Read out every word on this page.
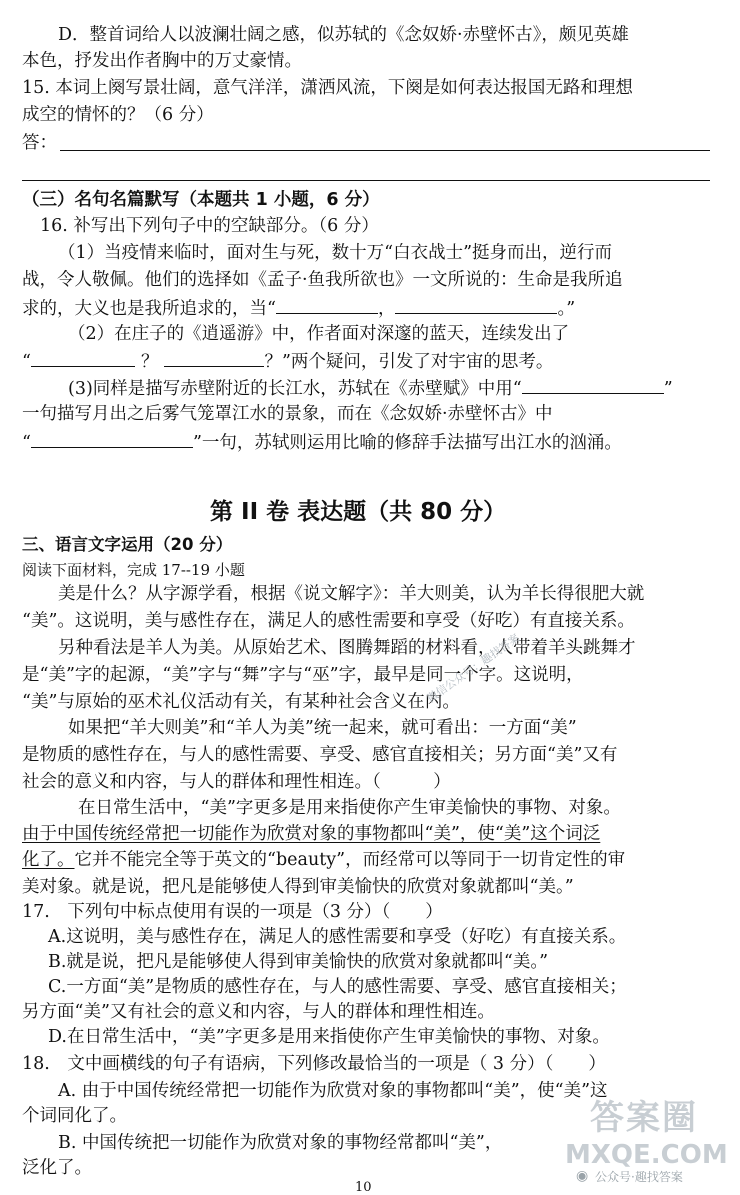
D．整首词给人以波澜壮阔之感，似苏轼的《念奴娇·赤壁怀古》，颇见英雄
本色，抒发出作者胸中的万丈豪情。
15. 本词上阕写景壮阔，意气洋洋，潇洒风流，下阕是如何表达报国无路和理想
成空的情怀的？（6 分）
答：
（三）名句名篇默写（本题共 1 小题，6 分）
16. 补写出下列句子中的空缺部分。（6 分）
（1）当疫情来临时，面对生与死，数十万“白衣战士”挺身而出，逆行而
战，令人敬佩。他们的选择如《孟子·鱼我所欲也》一文所说的：生命是我所追
求的，大义也是我所追求的，当“	，	。”
（2）在庄子的《逍遥游》中，作者面对深邃的蓝天，连续发出了
“	？	？”两个疑问，引发了对宇宙的思考。
(3)同样是描写赤壁附近的长江水，苏轼在《赤壁赋》中用“	”
一句描写月出之后雾气笼罩江水的景象，而在《念奴娇·赤壁怀古》中
“	”一句，苏轼则运用比喻的修辞手法描写出江水的汹涌。
第 II 卷 表达题（共 80 分）
三、语言文字运用（20 分）
阅读下面材料，完成 17--19 小题
美是什么？从字源学看，根据《说文解字》：羊大则美，认为羊长得很肥大就
“美”。这说明，美与感性存在，满足人的感性需要和享受（好吃）有直接关系。
另种看法是羊人为美。从原始艺术、图腾舞蹈的材料看，人带着羊头跳舞才
是“美”字的起源，“美”字与“舞”字与“巫”字，最早是同一个字。这说明，
“美”与原始的巫术礼仪活动有关，有某种社会含义在内。
如果把“羊大则美”和“羊人为美”统一起来，就可看出：一方面“美”
是物质的感性存在，与人的感性需要、享受、感官直接相关；另方面“美”又有
社会的意义和内容，与人的群体和理性相连。（　　　）
在日常生活中，“美”字更多是用来指使你产生审美愉快的事物、对象。
由于中国传统经常把一切能作为欣赏对象的事物都叫“美”，使“美”这个词泛
化了。它并不能完全等于英文的“beauty”，而经常可以等同于一切肯定性的审
美对象。就是说，把凡是能够使人得到审美愉快的欣赏对象就都叫“美。”
17.　下列句中标点使用有误的一项是（3 分）（　　）
A.这说明，美与感性存在，满足人的感性需要和享受（好吃）有直接关系。
B.就是说，把凡是能够使人得到审美愉快的欣赏对象就都叫“美。”
C.一方面“美”是物质的感性存在，与人的感性需要、享受、感官直接相关；
另方面“美”又有社会的意义和内容，与人的群体和理性相连。
D.在日常生活中，“美”字更多是用来指使你产生审美愉快的事物、对象。
18.　文中画横线的句子有语病，下列修改最恰当的一项是（ 3 分）（　　）
A. 由于中国传统经常把一切能作为欣赏对象的事物都叫“美”，使“美”这
个词同化了。
B. 中国传统把一切能作为欣赏对象的事物经常都叫“美”，
泛化了。
微信公众号：趣找答案
答案圈
MXQE.COM
◉ 公众号·趣找答案
10
